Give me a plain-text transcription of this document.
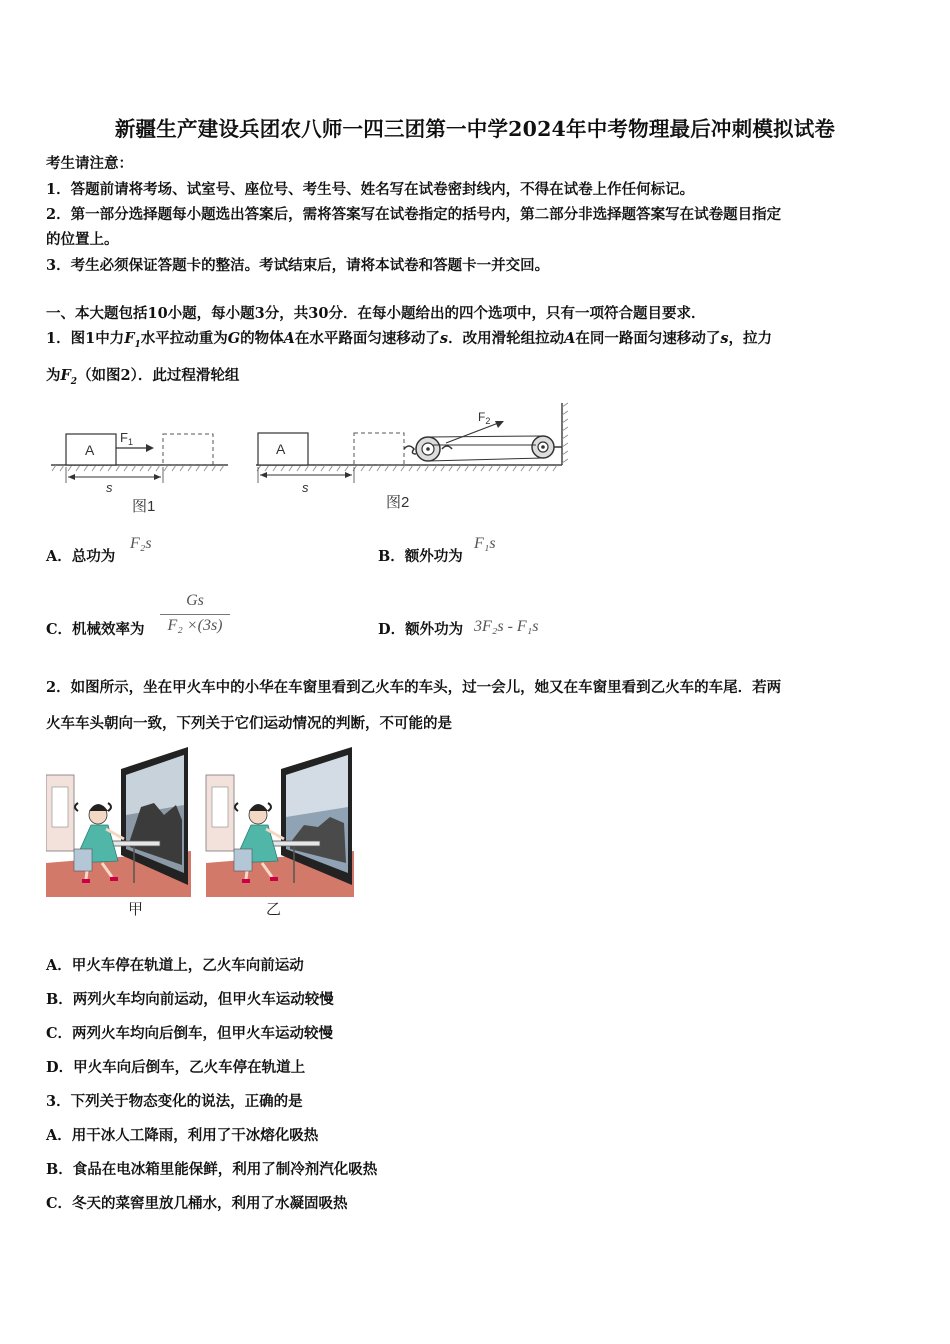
新疆生产建设兵团农八师一四三团第一中学2024年中考物理最后冲刺模拟试卷
考生请注意：
1．答题前请将考场、试室号、座位号、考生号、姓名写在试卷密封线内，不得在试卷上作任何标记。
2．第一部分选择题每小题选出答案后，需将答案写在试卷指定的括号内，第二部分非选择题答案写在试卷题目指定
的位置上。
3．考生必须保证答题卡的整洁。考试结束后，请将本试卷和答题卡一并交回。
一、本大题包括10小题，每小题3分，共30分．在每小题给出的四个选项中，只有一项符合题目要求．
1．图1中力$F_1$水平拉动重为G的物体A在水平路面匀速移动了s．改用滑轮组拉动A在同一路面匀速移动了s，拉力
为$F_2$（如图2）．此过程滑轮组
A
$F_1$
s
图1
A
$F_2$
s
图2
A．总功为
F₂s
B．额外功为
F₁s
C．机械效率为
Gs
F₂ ×(3s)	D．额外功为 3F₂s - F₁s
2．如图所示，坐在甲火车中的小华在车窗里看到乙火车的车头，过一会儿，她又在车窗里看到乙火车的车尾．若两
火车车头朝向一致，下列关于它们运动情况的判断，不可能的是
甲	乙
A．甲火车停在轨道上，乙火车向前运动
B．两列火车均向前运动，但甲火车运动较慢
C．两列火车均向后倒车，但甲火车运动较慢
D．甲火车向后倒车，乙火车停在轨道上
3．下列关于物态变化的说法，正确的是
A．用干冰人工降雨，利用了干冰熔化吸热
B．食品在电冰箱里能保鲜，利用了制冷剂汽化吸热
C．冬天的菜窖里放几桶水，利用了水凝固吸热
